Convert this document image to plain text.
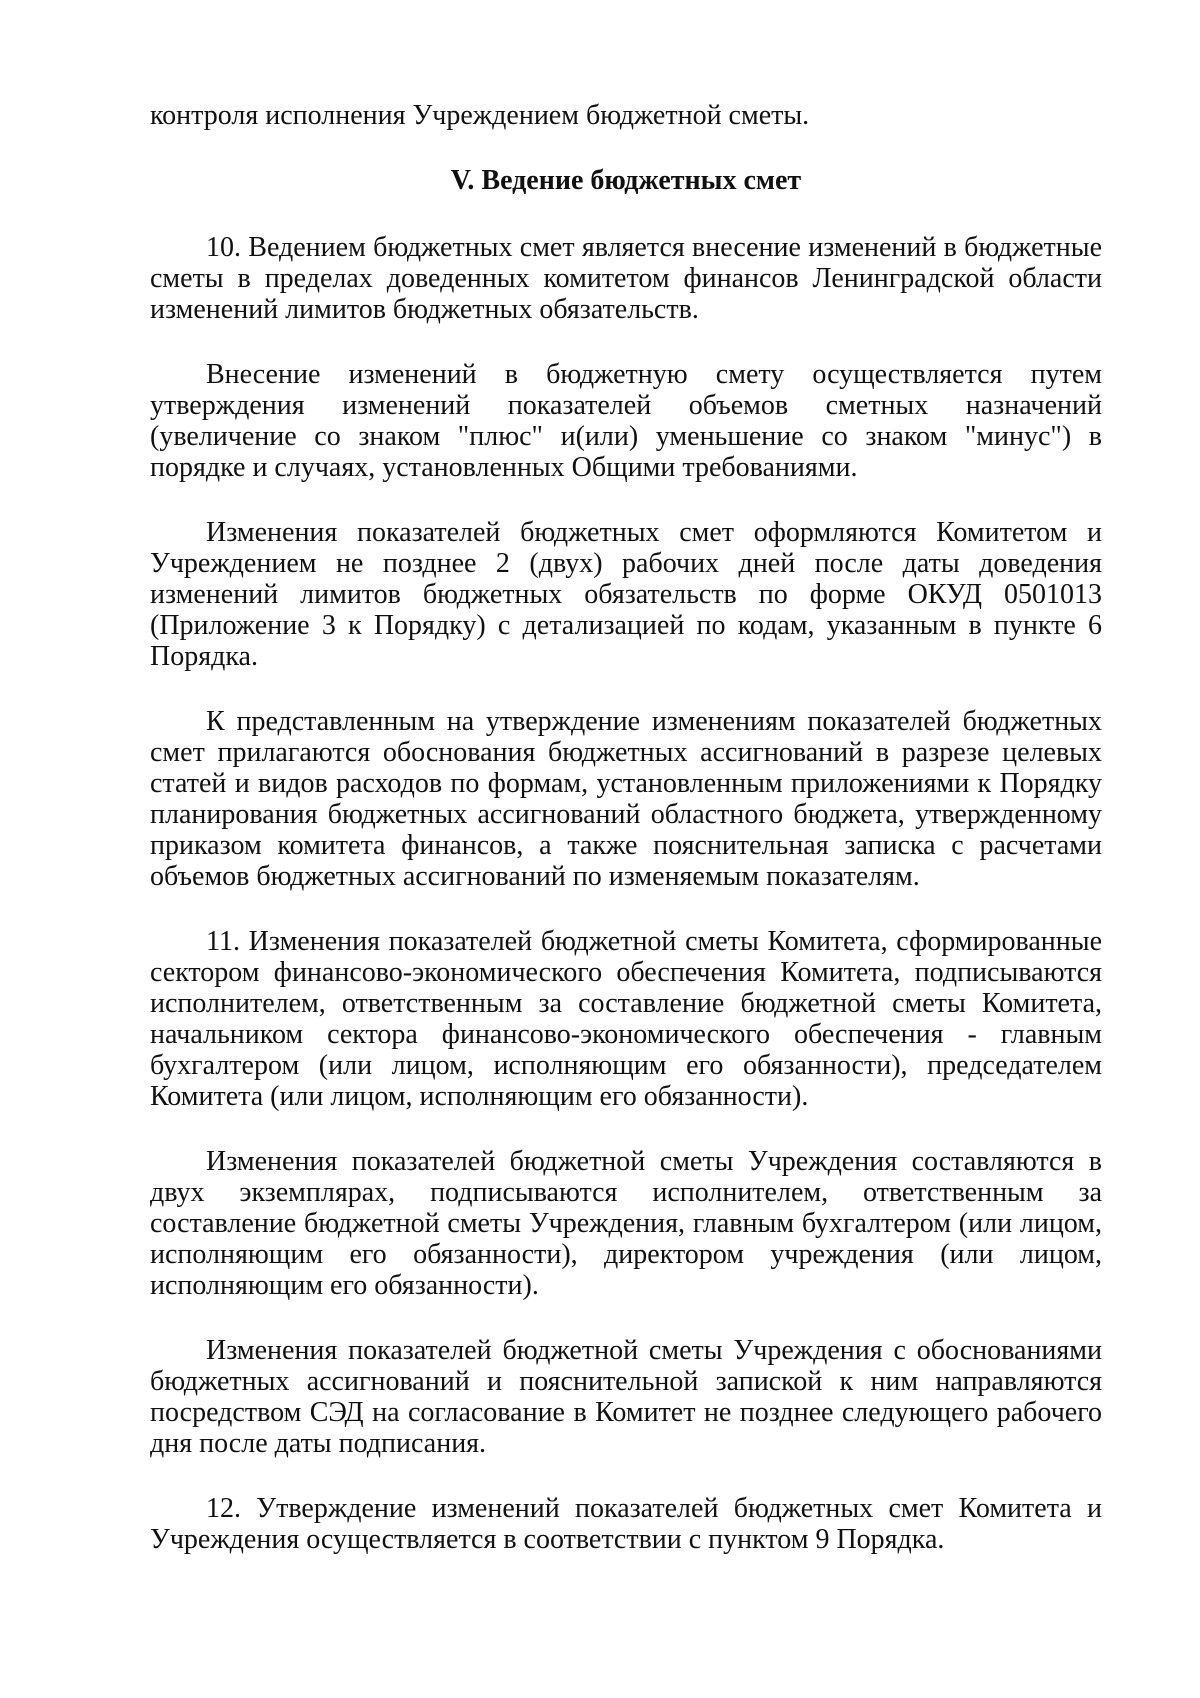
контроля исполнения Учреждением бюджетной сметы.

V. Ведение бюджетных смет

10. Ведением бюджетных смет является внесение изменений в бюджетные сметы в пределах доведенных комитетом финансов Ленинградской области изменений лимитов бюджетных обязательств.

Внесение изменений в бюджетную смету осуществляется путем утверждения изменений показателей объемов сметных назначений (увеличение со знаком "плюс" и(или) уменьшение со знаком "минус") в порядке и случаях, установленных Общими требованиями.

Изменения показателей бюджетных смет оформляются Комитетом и Учреждением не позднее 2 (двух) рабочих дней после даты доведения изменений лимитов бюджетных обязательств по форме ОКУД 0501013 (Приложение 3 к Порядку) с детализацией по кодам, указанным в пункте 6 Порядка.

К представленным на утверждение изменениям показателей бюджетных смет прилагаются обоснования бюджетных ассигнований в разрезе целевых статей и видов расходов по формам, установленным приложениями к Порядку планирования бюджетных ассигнований областного бюджета, утвержденному приказом комитета финансов, а также пояснительная записка с расчетами объемов бюджетных ассигнований по изменяемым показателям.

11. Изменения показателей бюджетной сметы Комитета, сформированные сектором финансово-экономического обеспечения Комитета, подписываются исполнителем, ответственным за составление бюджетной сметы Комитета, начальником сектора финансово-экономического обеспечения - главным бухгалтером (или лицом, исполняющим его обязанности), председателем Комитета (или лицом, исполняющим его обязанности).

Изменения показателей бюджетной сметы Учреждения составляются в двух экземплярах, подписываются исполнителем, ответственным за составление бюджетной сметы Учреждения, главным бухгалтером (или лицом, исполняющим его обязанности), директором учреждения (или лицом, исполняющим его обязанности).

Изменения показателей бюджетной сметы Учреждения с обоснованиями бюджетных ассигнований и пояснительной запиской к ним направляются посредством СЭД на согласование в Комитет не позднее следующего рабочего дня после даты подписания.

12. Утверждение изменений показателей бюджетных смет Комитета и Учреждения осуществляется в соответствии с пунктом 9 Порядка.
